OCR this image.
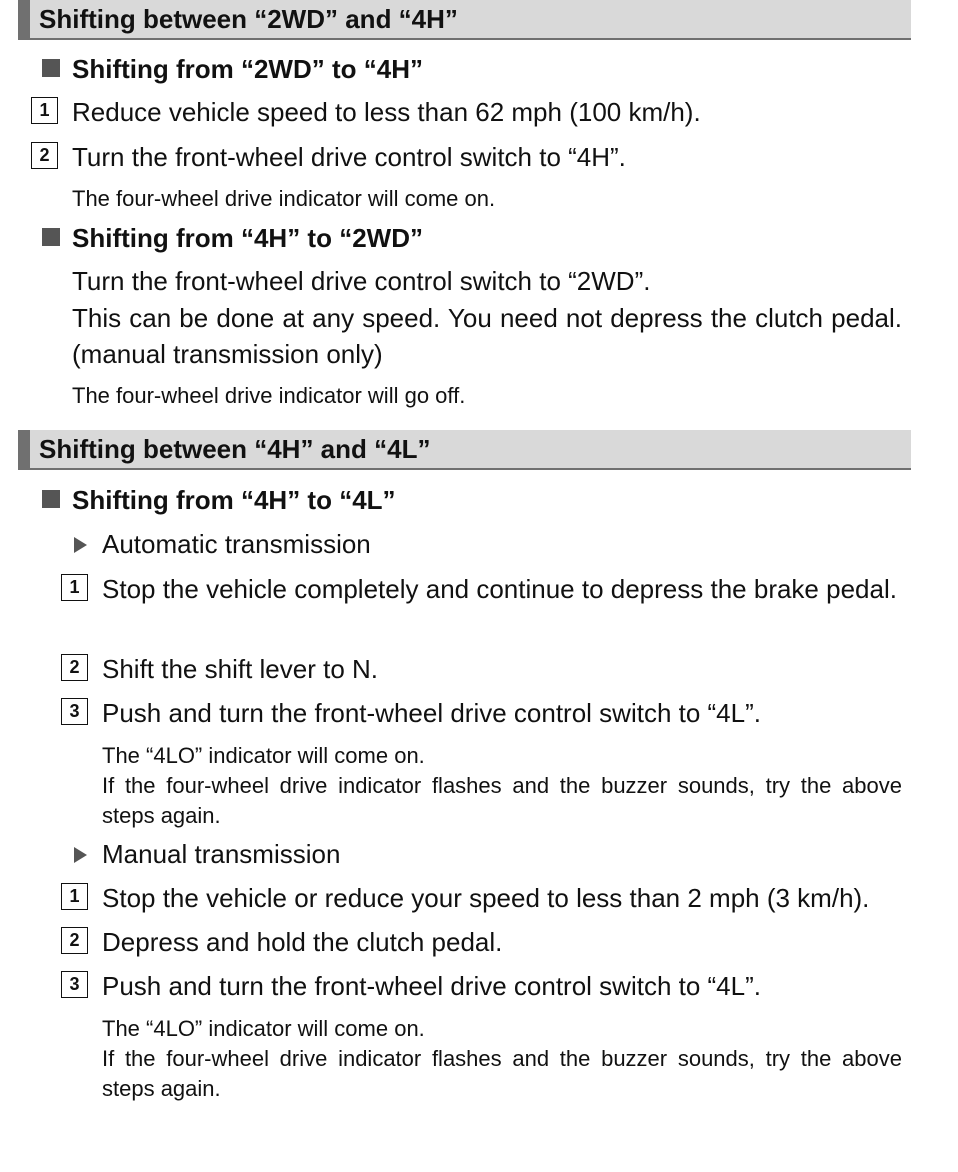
Shifting between “2WD” and “4H”
Shifting from “2WD” to “4H”
1 Reduce vehicle speed to less than 62 mph (100 km/h).

2 Turn the front-wheel drive control switch to “4H”.

The four-wheel drive indicator will come on.

Shifting from “4H” to “2WD”

Turn the front-wheel drive control switch to “2WD”.

This can be done at any speed. You need not depress the clutch pedal. (manual transmission only)

The four-wheel drive indicator will go off.

Shifting between “4H” and “4L”
Shifting from “4H” to “4L”

Automatic transmission

1 Stop the vehicle completely and continue to depress the brake pedal.

2 Shift the shift lever to N.

3 Push and turn the front-wheel drive control switch to “4L”.

The “4LO” indicator will come on.

If the four-wheel drive indicator flashes and the buzzer sounds, try the above steps again.

Manual transmission

1 Stop the vehicle or reduce your speed to less than 2 mph (3 km/h).

2 Depress and hold the clutch pedal.

3 Push and turn the front-wheel drive control switch to “4L”.

The “4LO” indicator will come on.

If the four-wheel drive indicator flashes and the buzzer sounds, try the above steps again.
